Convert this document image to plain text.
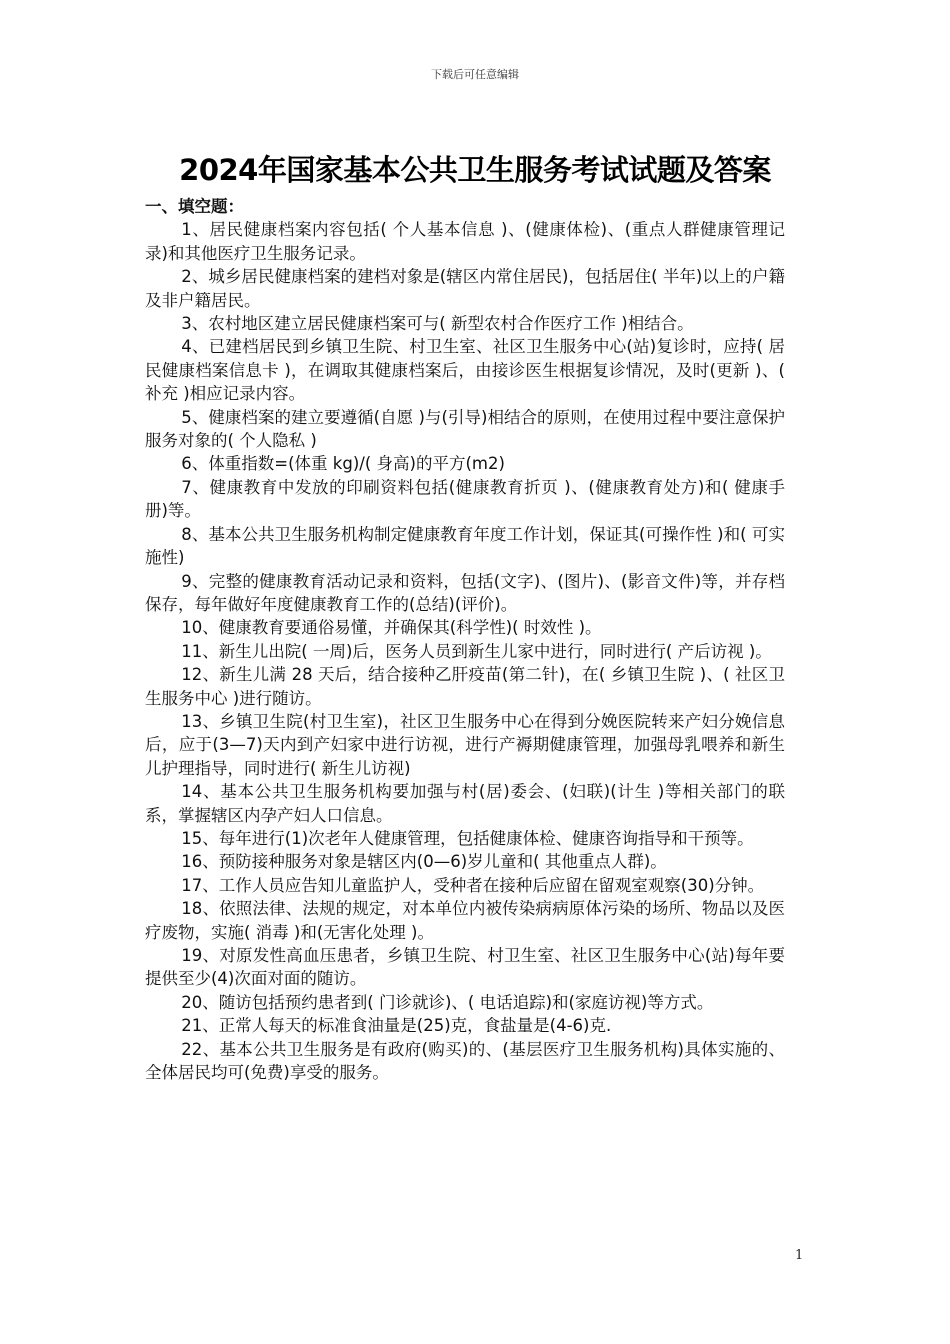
下载后可任意编辑
2024年国家基本公共卫生服务考试试题及答案

一、填空题：

1、居民健康档案内容包括( 个人基本信息 )、(健康体检)、(重点人群健康管理记录)和其他医疗卫生服务记录。

2、城乡居民健康档案的建档对象是(辖区内常住居民)，包括居住( 半年)以上的户籍及非户籍居民。

3、农村地区建立居民健康档案可与( 新型农村合作医疗工作 )相结合。

4、已建档居民到乡镇卫生院、村卫生室、社区卫生服务中心(站)复诊时，应持( 居民健康档案信息卡 )，在调取其健康档案后，由接诊医生根据复诊情况，及时(更新 )、( 补充 )相应记录内容。

5、健康档案的建立要遵循(自愿 )与(引导)相结合的原则，在使用过程中要注意保护服务对象的( 个人隐私 )

6、体重指数=(体重 kg)/( 身高)的平方(m2)

7、健康教育中发放的印刷资料包括(健康教育折页 )、(健康教育处方)和( 健康手册)等。

8、基本公共卫生服务机构制定健康教育年度工作计划，保证其(可操作性 )和( 可实施性)

9、完整的健康教育活动记录和资料，包括(文字)、(图片)、(影音文件)等，并存档保存，每年做好年度健康教育工作的(总结)(评价)。

10、健康教育要通俗易懂，并确保其(科学性)( 时效性 )。

11、新生儿出院( 一周)后，医务人员到新生儿家中进行，同时进行( 产后访视 )。

12、新生儿满 28 天后，结合接种乙肝疫苗(第二针)，在( 乡镇卫生院 )、( 社区卫生服务中心 )进行随访。

13、乡镇卫生院(村卫生室)，社区卫生服务中心在得到分娩医院转来产妇分娩信息后，应于(3—7)天内到产妇家中进行访视，进行产褥期健康管理，加强母乳喂养和新生儿护理指导，同时进行( 新生儿访视)

14、基本公共卫生服务机构要加强与村(居)委会、(妇联)(计生 )等相关部门的联系，掌握辖区内孕产妇人口信息。

15、每年进行(1)次老年人健康管理，包括健康体检、健康咨询指导和干预等。

16、预防接种服务对象是辖区内(0—6)岁儿童和( 其他重点人群)。

17、工作人员应告知儿童监护人，受种者在接种后应留在留观室观察(30)分钟。

18、依照法律、法规的规定，对本单位内被传染病病原体污染的场所、物品以及医疗废物，实施( 消毒 )和(无害化处理 )。

19、对原发性高血压患者，乡镇卫生院、村卫生室、社区卫生服务中心(站)每年要提供至少(4)次面对面的随访。

20、随访包括预约患者到( 门诊就诊)、( 电话追踪)和(家庭访视)等方式。

21、正常人每天的标准食油量是(25)克，食盐量是(4-6)克.

22、基本公共卫生服务是有政府(购买)的、(基层医疗卫生服务机构)具体实施的、全体居民均可(免费)享受的服务。

1
